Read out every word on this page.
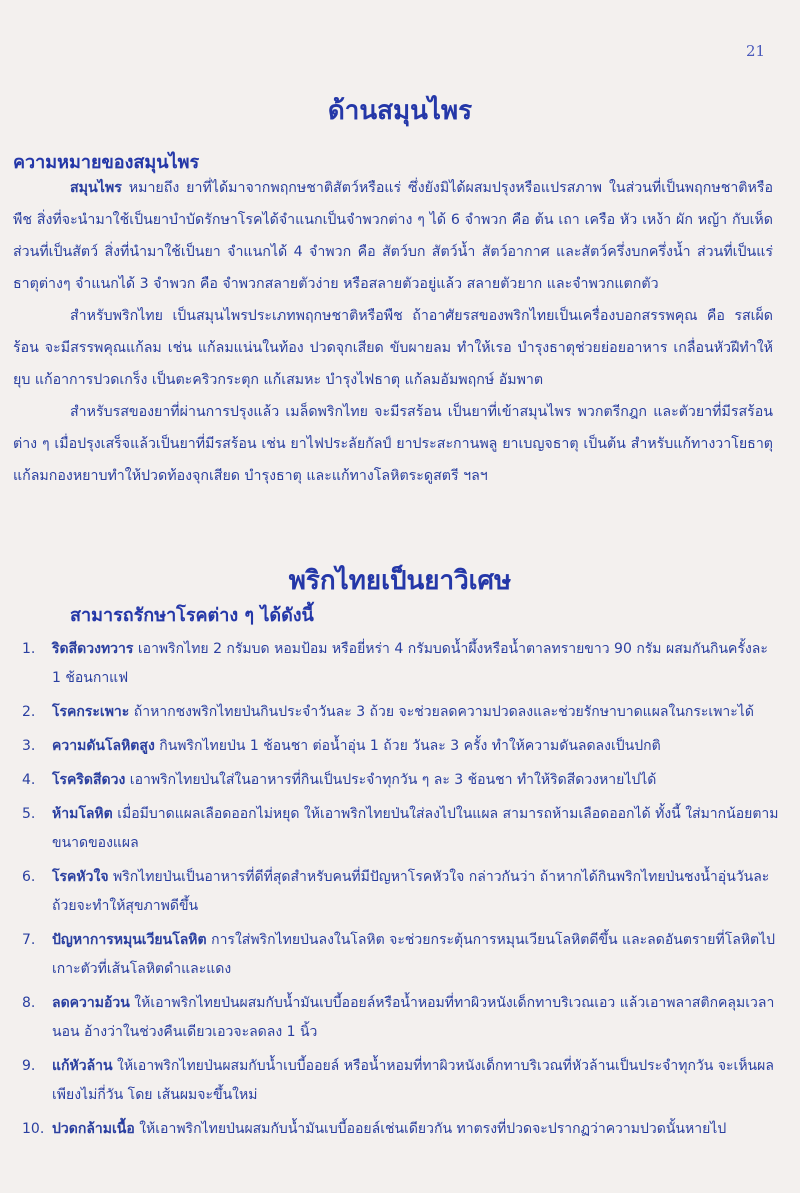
21
ด้านสมุนไพร
ความหมายของสมุนไพร

สมุนไพร หมายถึง ยาที่ได้มาจากพฤกษชาติสัตว์หรือแร่ ซึ่งยังมิได้ผสมปรุงหรือแปรสภาพ ในส่วนที่เป็นพฤกษชาติหรือพืช สิ่งที่จะนำมาใช้เป็นยาบำบัดรักษาโรคได้จำแนกเป็นจำพวกต่าง ๆ ได้ 6 จำพวก คือ ต้น เถา เครือ หัว เหง้า ผัก หญ้า กับเห็ด ส่วนที่เป็นสัตว์ สิ่งที่นำมาใช้เป็นยา จำแนกได้ 4 จำพวก คือ สัตว์บก สัตว์น้ำ สัตว์อากาศ และสัตว์ครึ่งบกครึ่งน้ำ ส่วนที่เป็นแร่ธาตุต่างๆ จำแนกได้ 3 จำพวก คือ จำพวกสลายตัวง่าย หรือสลายตัวอยู่แล้ว สลายตัวยาก และจำพวกแตกตัว

สำหรับพริกไทย เป็นสมุนไพรประเภทพฤกษชาติหรือพืช ถ้าอาศัยรสของพริกไทยเป็นเครื่องบอกสรรพคุณ คือ รสเผ็ดร้อน จะมีสรรพคุณแก้ลม เช่น แก้ลมแน่นในท้อง ปวดจุกเสียด ขับผายลม ทำให้เรอ บำรุงธาตุช่วยย่อยอาหาร เกลื่อนหัวฝีทำให้ยุบ แก้อาการปวดเกร็ง เป็นตะคริวกระตุก แก้เสมหะ บำรุงไฟธาตุ แก้ลมอัมพฤกษ์ อัมพาต

สำหรับรสของยาที่ผ่านการปรุงแล้ว เมล็ดพริกไทย จะมีรสร้อน เป็นยาที่เข้าสมุนไพร พวกตรีกฎก และตัวยาที่มีรสร้อนต่าง ๆ เมื่อปรุงเสร็จแล้วเป็นยาที่มีรสร้อน เช่น ยาไฟประลัยกัลป์ ยาประสะกานพลู ยาเบญจธาตุ เป็นต้น สำหรับแก้ทางวาโยธาตุ แก้ลมกองหยาบทำให้ปวดท้องจุกเสียด บำรุงธาตุ และแก้ทางโลหิตระดูสตรี ฯลฯ

พริกไทยเป็นยาวิเศษ
สามารถรักษาโรคต่าง ๆ ได้ดังนี้
1.	ริดสีดวงทวาร เอาพริกไทย 2 กรัมบด หอมป้อม หรือยี่หร่า 4 กรัมบดน้ำผึ้งหรือน้ำตาลทรายขาว 90 กรัม ผสมกันกินครั้งละ 1 ช้อนกาแฟ
2.	โรคกระเพาะ ถ้าหากชงพริกไทยป่นกินประจำวันละ 3 ถ้วย จะช่วยลดความปวดลงและช่วยรักษาบาดแผลในกระเพาะได้
3.	ความดันโลหิตสูง กินพริกไทยป่น 1 ช้อนชา ต่อน้ำอุ่น 1 ถ้วย วันละ 3 ครั้ง ทำให้ความดันลดลงเป็นปกติ
4.	โรคริดสีดวง เอาพริกไทยป่นใส่ในอาหารที่กินเป็นประจำทุกวัน ๆ ละ 3 ช้อนชา ทำให้ริดสีดวงหายไปได้
5.	ห้ามโลหิต เมื่อมีบาดแผลเลือดออกไม่หยุด ให้เอาพริกไทยป่นใส่ลงไปในแผล สามารถห้ามเลือดออกได้ ทั้งนี้ ใส่มากน้อยตามขนาดของแผล
6.	โรคหัวใจ พริกไทยป่นเป็นอาหารที่ดีที่สุดสำหรับคนที่มีปัญหาโรคหัวใจ กล่าวกันว่า ถ้าหากได้กินพริกไทยป่นชงน้ำอุ่นวันละถ้วยจะทำให้สุขภาพดีขึ้น
7.	ปัญหาการหมุนเวียนโลหิต การใส่พริกไทยป่นลงในโลหิต จะช่วยกระตุ้นการหมุนเวียนโลหิตดีขึ้น และลดอันตรายที่โลหิตไปเกาะตัวที่เส้นโลหิตดำและแดง
8.	ลดความอ้วน ให้เอาพริกไทยป่นผสมกับน้ำมันเบบี้ออยล์หรือน้ำหอมที่ทาผิวหนังเด็กทาบริเวณเอว แล้วเอาพลาสติกคลุมเวลานอน อ้างว่าในช่วงคืนเดียวเอวจะลดลง 1 นิ้ว
9.	แก้หัวล้าน ให้เอาพริกไทยป่นผสมกับน้ำเบบี้ออยล์ หรือน้ำหอมที่ทาผิวหนังเด็กทาบริเวณที่หัวล้านเป็นประจำทุกวัน จะเห็นผลเพียงไม่กี่วัน โดย เส้นผมจะขึ้นใหม่
10. ปวดกล้ามเนื้อ ให้เอาพริกไทยป่นผสมกับน้ำมันเบบี้ออยล์เช่นเดียวกัน ทาตรงที่ปวดจะปรากฏว่าความปวดนั้นหายไป
